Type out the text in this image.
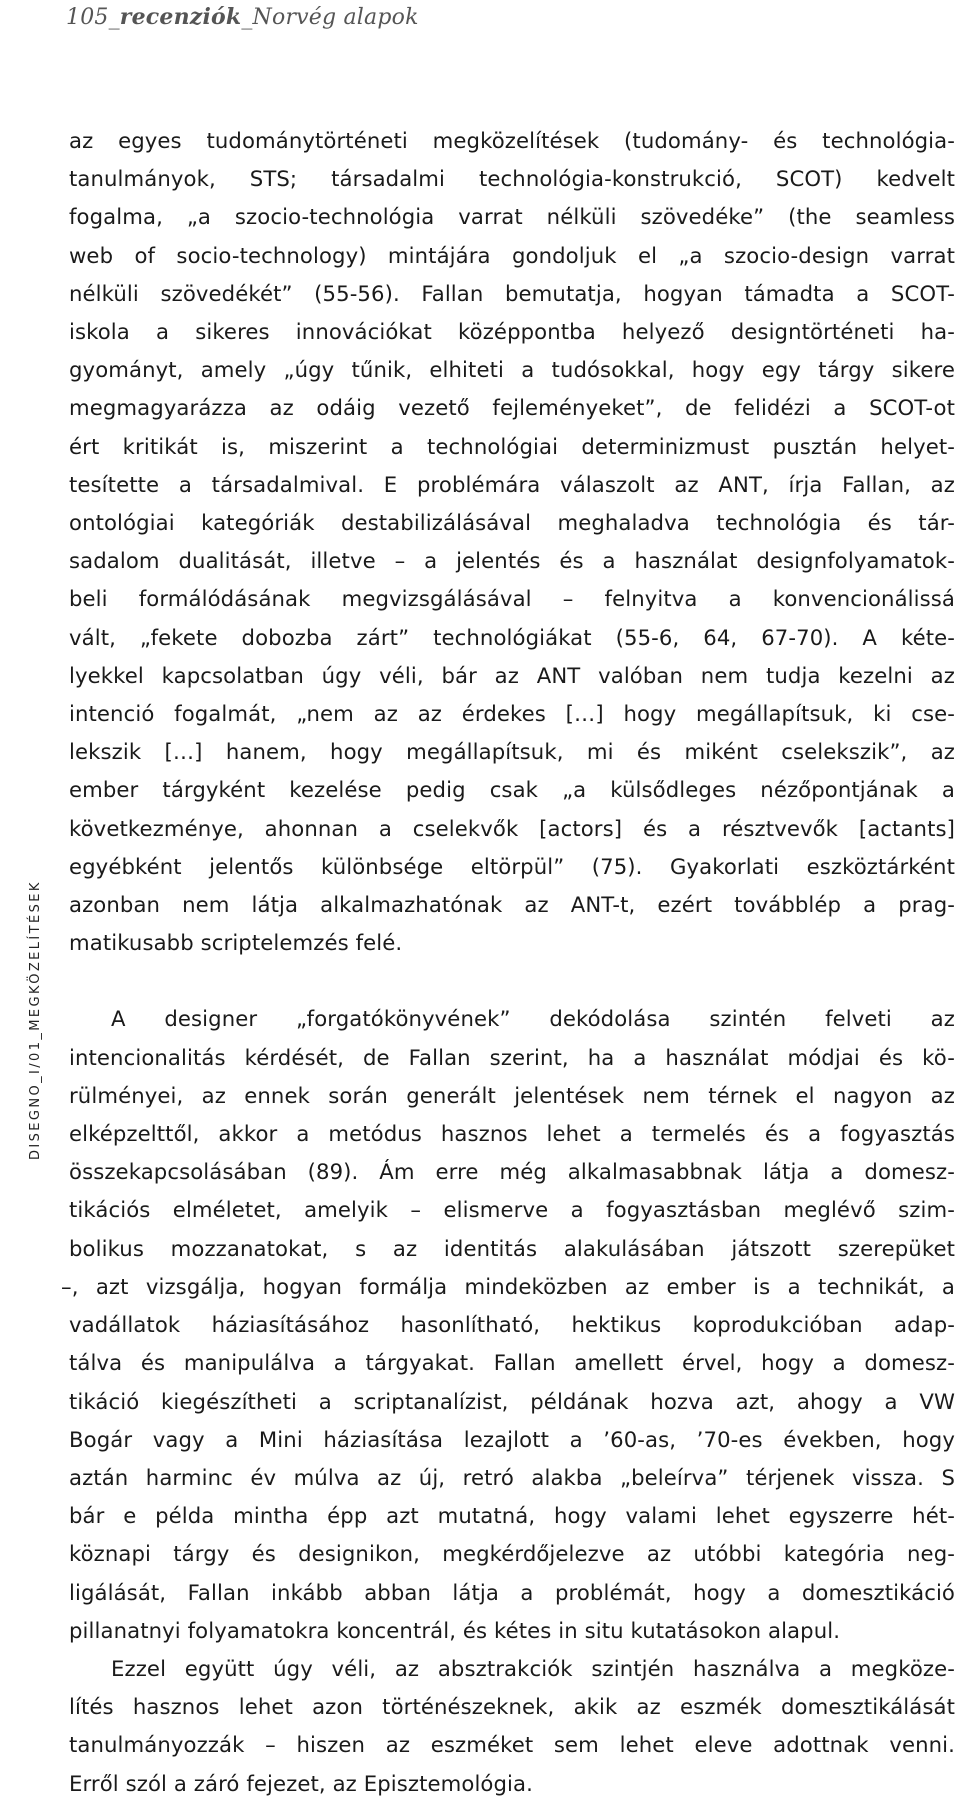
105_recenziók_Norvég alapok
DISEGNO_I/01_MEGKÖZELÍTÉSEK

az egyes tudománytörténeti megközelítések (tudomány- és technológia-

tanulmányok, STS; társadalmi technológia-konstrukció, SCOT) kedvelt

fogalma, „a szocio-technológia varrat nélküli szövedéke” (the seamless

web of socio-technology) mintájára gondoljuk el „a szocio-design varrat

nélküli szövedékét” (55-56). Fallan bemutatja, hogyan támadta a SCOT-

iskola a sikeres innovációkat középpontba helyező designtörténeti ha-

gyományt, amely „úgy tűnik, elhiteti a tudósokkal, hogy egy tárgy sikere

megmagyarázza az odáig vezető fejleményeket”, de felidézi a SCOT-ot

ért kritikát is, miszerint a technológiai determinizmust pusztán helyet-

tesítette a társadalmival. E problémára válaszolt az ANT, írja Fallan, az

ontológiai kategóriák destabilizálásával meghaladva technológia és tár-

sadalom dualitását, illetve – a jelentés és a használat designfolyamatok-

beli formálódásának megvizsgálásával – felnyitva a konvencionálissá

vált, „fekete dobozba zárt” technológiákat (55-6, 64, 67-70). A kéte-

lyekkel kapcsolatban úgy véli, bár az ANT valóban nem tudja kezelni az

intenció fogalmát, „nem az az érdekes […] hogy megállapítsuk, ki cse-

lekszik […] hanem, hogy megállapítsuk, mi és miként cselekszik”, az

ember tárgyként kezelése pedig csak „a külsődleges nézőpontjának a

következménye, ahonnan a cselekvők [actors] és a résztvevők [actants]

egyébként jelentős különbsége eltörpül” (75). Gyakorlati eszköztárként

azonban nem látja alkalmazhatónak az ANT-t, ezért továbblép a prag-

matikusabb scriptelemzés felé.

A designer „forgatókönyvének” dekódolása szintén felveti az

intencionalitás kérdését, de Fallan szerint, ha a használat módjai és kö-

rülményei, az ennek során generált jelentések nem térnek el nagyon az

elképzelttől, akkor a metódus hasznos lehet a termelés és a fogyasztás

összekapcsolásában (89). Ám erre még alkalmasabbnak látja a domesz-

tikációs elméletet, amelyik – elismerve a fogyasztásban meglévő szim-

bolikus mozzanatokat, s az identitás alakulásában játszott szerepüket

–, azt vizsgálja, hogyan formálja mindeközben az ember is a technikát, a

vadállatok háziasításához hasonlítható, hektikus koprodukcióban adap-

tálva és manipulálva a tárgyakat. Fallan amellett érvel, hogy a domesz-

tikáció kiegészítheti a scriptanalízist, példának hozva azt, ahogy a VW

Bogár vagy a Mini háziasítása lezajlott a ’60-as, ’70-es években, hogy

aztán harminc év múlva az új, retró alakba „beleírva” térjenek vissza. S

bár e példa mintha épp azt mutatná, hogy valami lehet egyszerre hét-

köznapi tárgy és designikon, megkérdőjelezve az utóbbi kategória neg-

ligálását, Fallan inkább abban látja a problémát, hogy a domesztikáció

pillanatnyi folyamatokra koncentrál, és kétes in situ kutatásokon alapul.

Ezzel együtt úgy véli, az absztrakciók szintjén használva a megköze-

lítés hasznos lehet azon történészeknek, akik az eszmék domesztikálását

tanulmányozzák – hiszen az eszméket sem lehet eleve adottnak venni.

Erről szól a záró fejezet, az Episztemológia.
